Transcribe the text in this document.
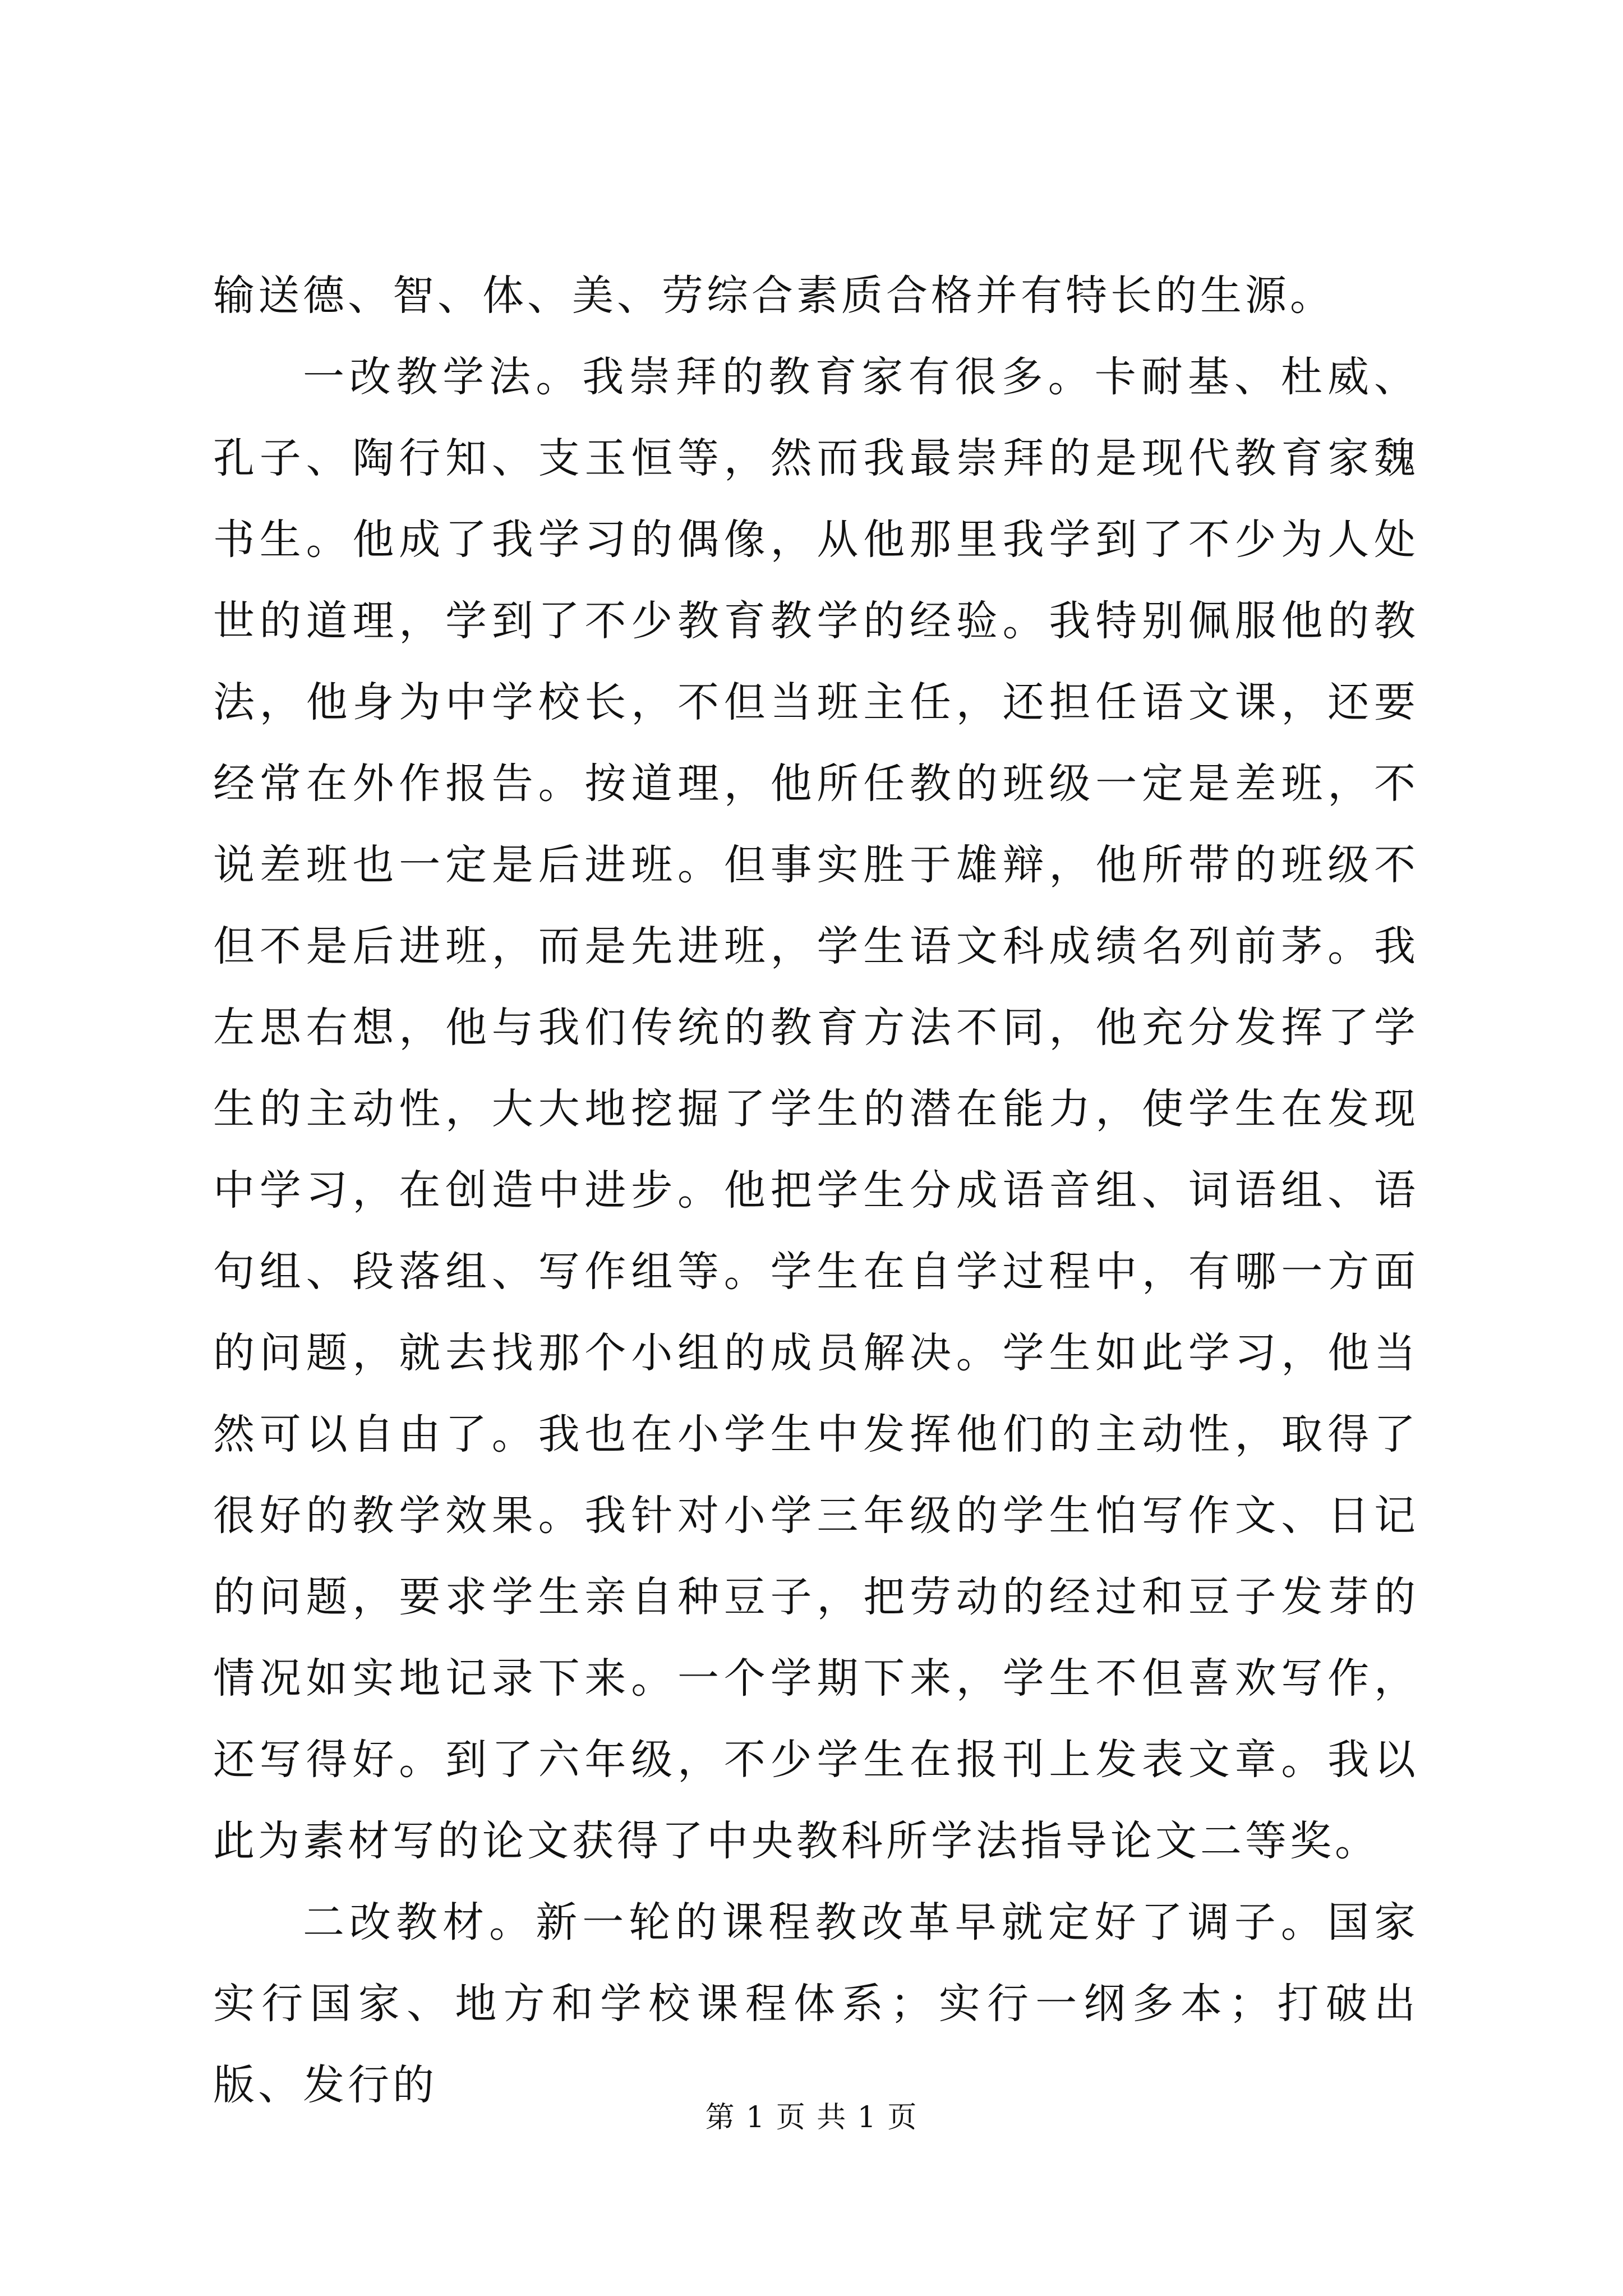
输送德、智、体、美、劳综合素质合格并有特长的生源。

一改教学法。我崇拜的教育家有很多。卡耐基、杜威、孔子、陶行知、支玉恒等，然而我最崇拜的是现代教育家魏书生。他成了我学习的偶像，从他那里我学到了不少为人处世的道理，学到了不少教育教学的经验。我特别佩服他的教法，他身为中学校长，不但当班主任，还担任语文课，还要经常在外作报告。按道理，他所任教的班级一定是差班，不说差班也一定是后进班。但事实胜于雄辩，他所带的班级不但不是后进班，而是先进班，学生语文科成绩名列前茅。我左思右想，他与我们传统的教育方法不同，他充分发挥了学生的主动性，大大地挖掘了学生的潜在能力，使学生在发现中学习，在创造中进步。他把学生分成语音组、词语组、语句组、段落组、写作组等。学生在自学过程中，有哪一方面的问题，就去找那个小组的成员解决。学生如此学习，他当然可以自由了。我也在小学生中发挥他们的主动性，取得了很好的教学效果。我针对小学三年级的学生怕写作文、日记的问题，要求学生亲自种豆子，把劳动的经过和豆子发芽的情况如实地记录下来。一个学期下来，学生不但喜欢写作，还写得好。到了六年级，不少学生在报刊上发表文章。我以此为素材写的论文获得了中央教科所学法指导论文二等奖。

二改教材。新一轮的课程教改革早就定好了调子。国家实行国家、地方和学校课程体系；实行一纲多本；打破出版、发行的

第 1 页 共 1 页
